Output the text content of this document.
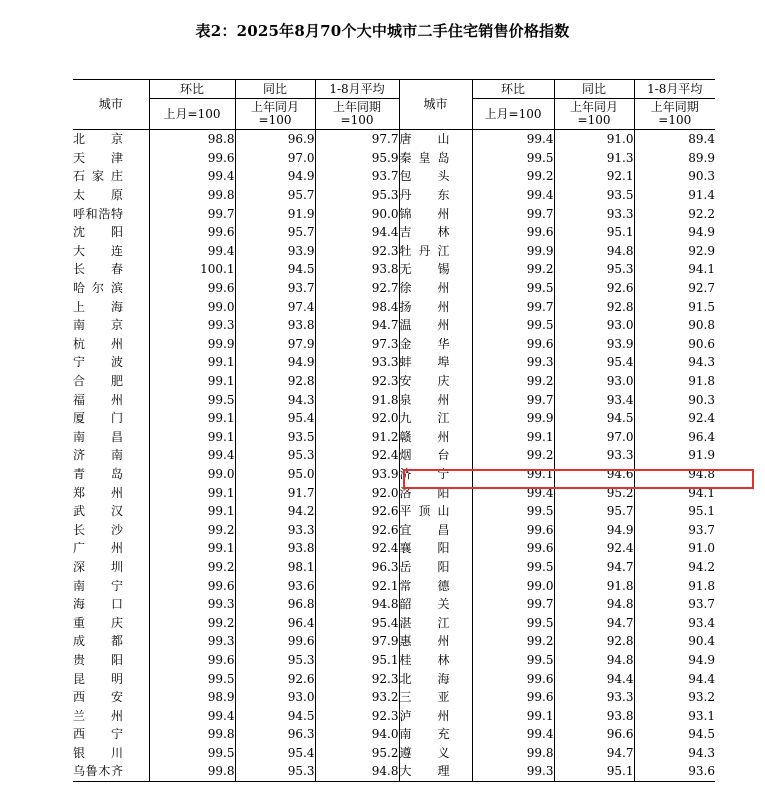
表2：2025年8月70个大中城市二手住宅销售价格指数
城市	环比	同比	1-8月平均	城市	环比	同比	1-8月平均
	上月=100	上年同月=100	上年同期=100		上月=100	上年同月=100	上年同期=100
北京	98.8	96.9	97.7	唐山	99.4	91.0	89.4
天津	99.6	97.0	95.9	秦皇岛	99.5	91.3	89.9
石家庄	99.4	94.9	93.7	包头	99.2	92.1	90.3
太原	99.8	95.7	95.3	丹东	99.4	93.5	91.4
呼和浩特	99.7	91.9	90.0	锦州	99.7	93.3	92.2
沈阳	99.6	95.7	94.4	吉林	99.6	95.1	94.9
大连	99.4	93.9	92.3	牡丹江	99.9	94.8	92.9
长春	100.1	94.5	93.8	无锡	99.2	95.3	94.1
哈尔滨	99.6	93.7	92.7	徐州	99.5	92.6	92.7
上海	99.0	97.4	98.4	扬州	99.7	92.8	91.5
南京	99.3	93.8	94.7	温州	99.5	93.0	90.8
杭州	99.9	97.9	97.3	金华	99.6	93.9	90.6
宁波	99.1	94.9	93.3	蚌埠	99.3	95.4	94.3
合肥	99.1	92.8	92.3	安庆	99.2	93.0	91.8
福州	99.5	94.3	91.8	泉州	99.7	93.4	90.3
厦门	99.1	95.4	92.0	九江	99.9	94.5	92.4
南昌	99.1	93.5	91.2	赣州	99.1	97.0	96.4
济南	99.4	95.3	92.4	烟台	99.2	93.3	91.9
青岛	99.0	95.0	93.9	济宁	99.1	94.6	94.8
郑州	99.1	91.7	92.0	洛阳	99.4	95.2	94.1
武汉	99.1	94.2	92.6	平顶山	99.5	95.7	95.1
长沙	99.2	93.3	92.6	宜昌	99.6	94.9	93.7
广州	99.1	93.8	92.4	襄阳	99.6	92.4	91.0
深圳	99.2	98.1	96.3	岳阳	99.5	94.7	94.2
南宁	99.6	93.6	92.1	常德	99.0	91.8	91.8
海口	99.3	96.8	94.8	韶关	99.7	94.8	93.7
重庆	99.2	96.4	95.4	湛江	99.5	94.7	93.4
成都	99.3	99.6	97.9	惠州	99.2	92.8	90.4
贵阳	99.6	95.3	95.1	桂林	99.5	94.8	94.9
昆明	99.5	92.6	92.3	北海	99.6	94.4	94.4
西安	98.9	93.0	93.2	三亚	99.6	93.3	93.2
兰州	99.4	94.5	92.3	泸州	99.1	93.8	93.1
西宁	99.8	96.3	94.0	南充	99.4	96.6	94.5
银川	99.5	95.4	95.2	遵义	99.8	94.7	94.3
乌鲁木齐	99.8	95.3	94.8	大理	99.3	95.1	93.6
